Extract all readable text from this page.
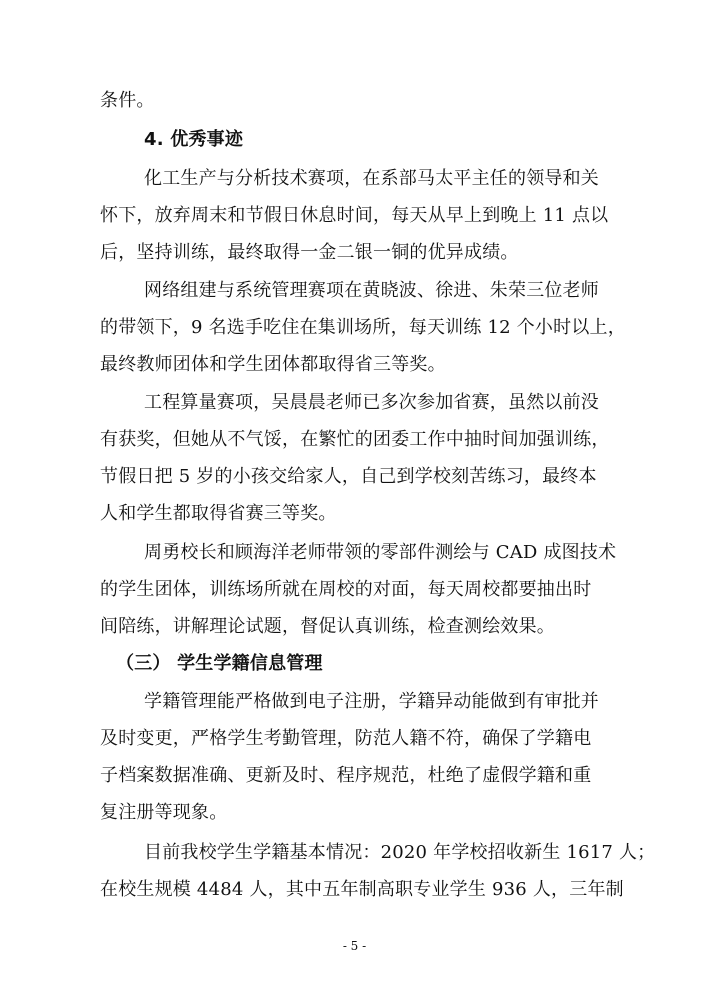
条件。
4. 优秀事迹
化工生产与分析技术赛项，在系部马太平主任的领导和关
怀下，放弃周末和节假日休息时间，每天从早上到晚上 11 点以
后，坚持训练，最终取得一金二银一铜的优异成绩。
网络组建与系统管理赛项在黄晓波、徐进、朱荣三位老师
的带领下，9 名选手吃住在集训场所，每天训练 12 个小时以上，
最终教师团体和学生团体都取得省三等奖。
工程算量赛项，吴晨晨老师已多次参加省赛，虽然以前没
有获奖，但她从不气馁，在繁忙的团委工作中抽时间加强训练，
节假日把 5 岁的小孩交给家人，自己到学校刻苦练习，最终本
人和学生都取得省赛三等奖。
周勇校长和顾海洋老师带领的零部件测绘与 CAD 成图技术
的学生团体，训练场所就在周校的对面，每天周校都要抽出时
间陪练，讲解理论试题，督促认真训练，检查测绘效果。
（三） 学生学籍信息管理
学籍管理能严格做到电子注册，学籍异动能做到有审批并
及时变更，严格学生考勤管理，防范人籍不符，确保了学籍电
子档案数据准确、更新及时、程序规范，杜绝了虚假学籍和重
复注册等现象。
目前我校学生学籍基本情况：2020 年学校招收新生 1617 人；
在校生规模 4484 人，其中五年制高职专业学生 936 人，三年制
- 5 -
